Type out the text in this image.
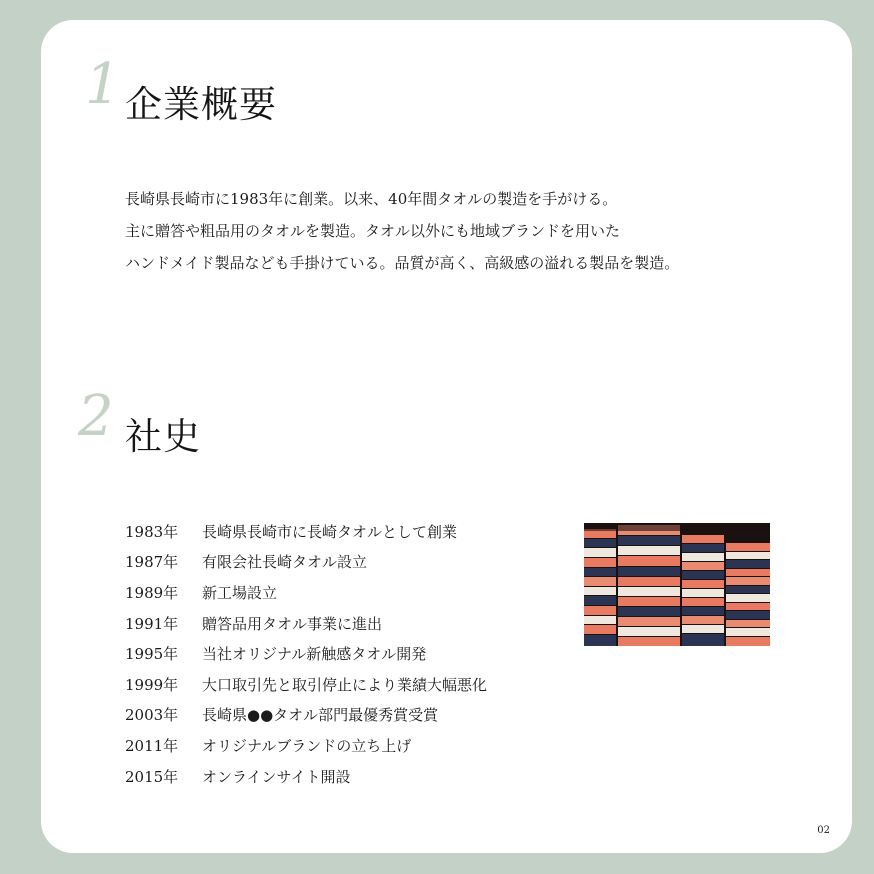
1 企業概要
長崎県長崎市に1983年に創業。以来、40年間タオルの製造を手がける。
主に贈答や粗品用のタオルを製造。タオル以外にも地域ブランドを用いた
ハンドメイド製品なども手掛けている。品質が高く、高級感の溢れる製品を製造。
2 社史
1983年	長崎県長崎市に長崎タオルとして創業
1987年	有限会社長崎タオル設立
1989年	新工場設立
1991年	贈答品用タオル事業に進出
1995年	当社オリジナル新触感タオル開発
1999年	大口取引先と取引停止により業績大幅悪化
2003年	長崎県●●タオル部門最優秀賞受賞
2011年	オリジナルブランドの立ち上げ
2015年	オンラインサイト開設
02
